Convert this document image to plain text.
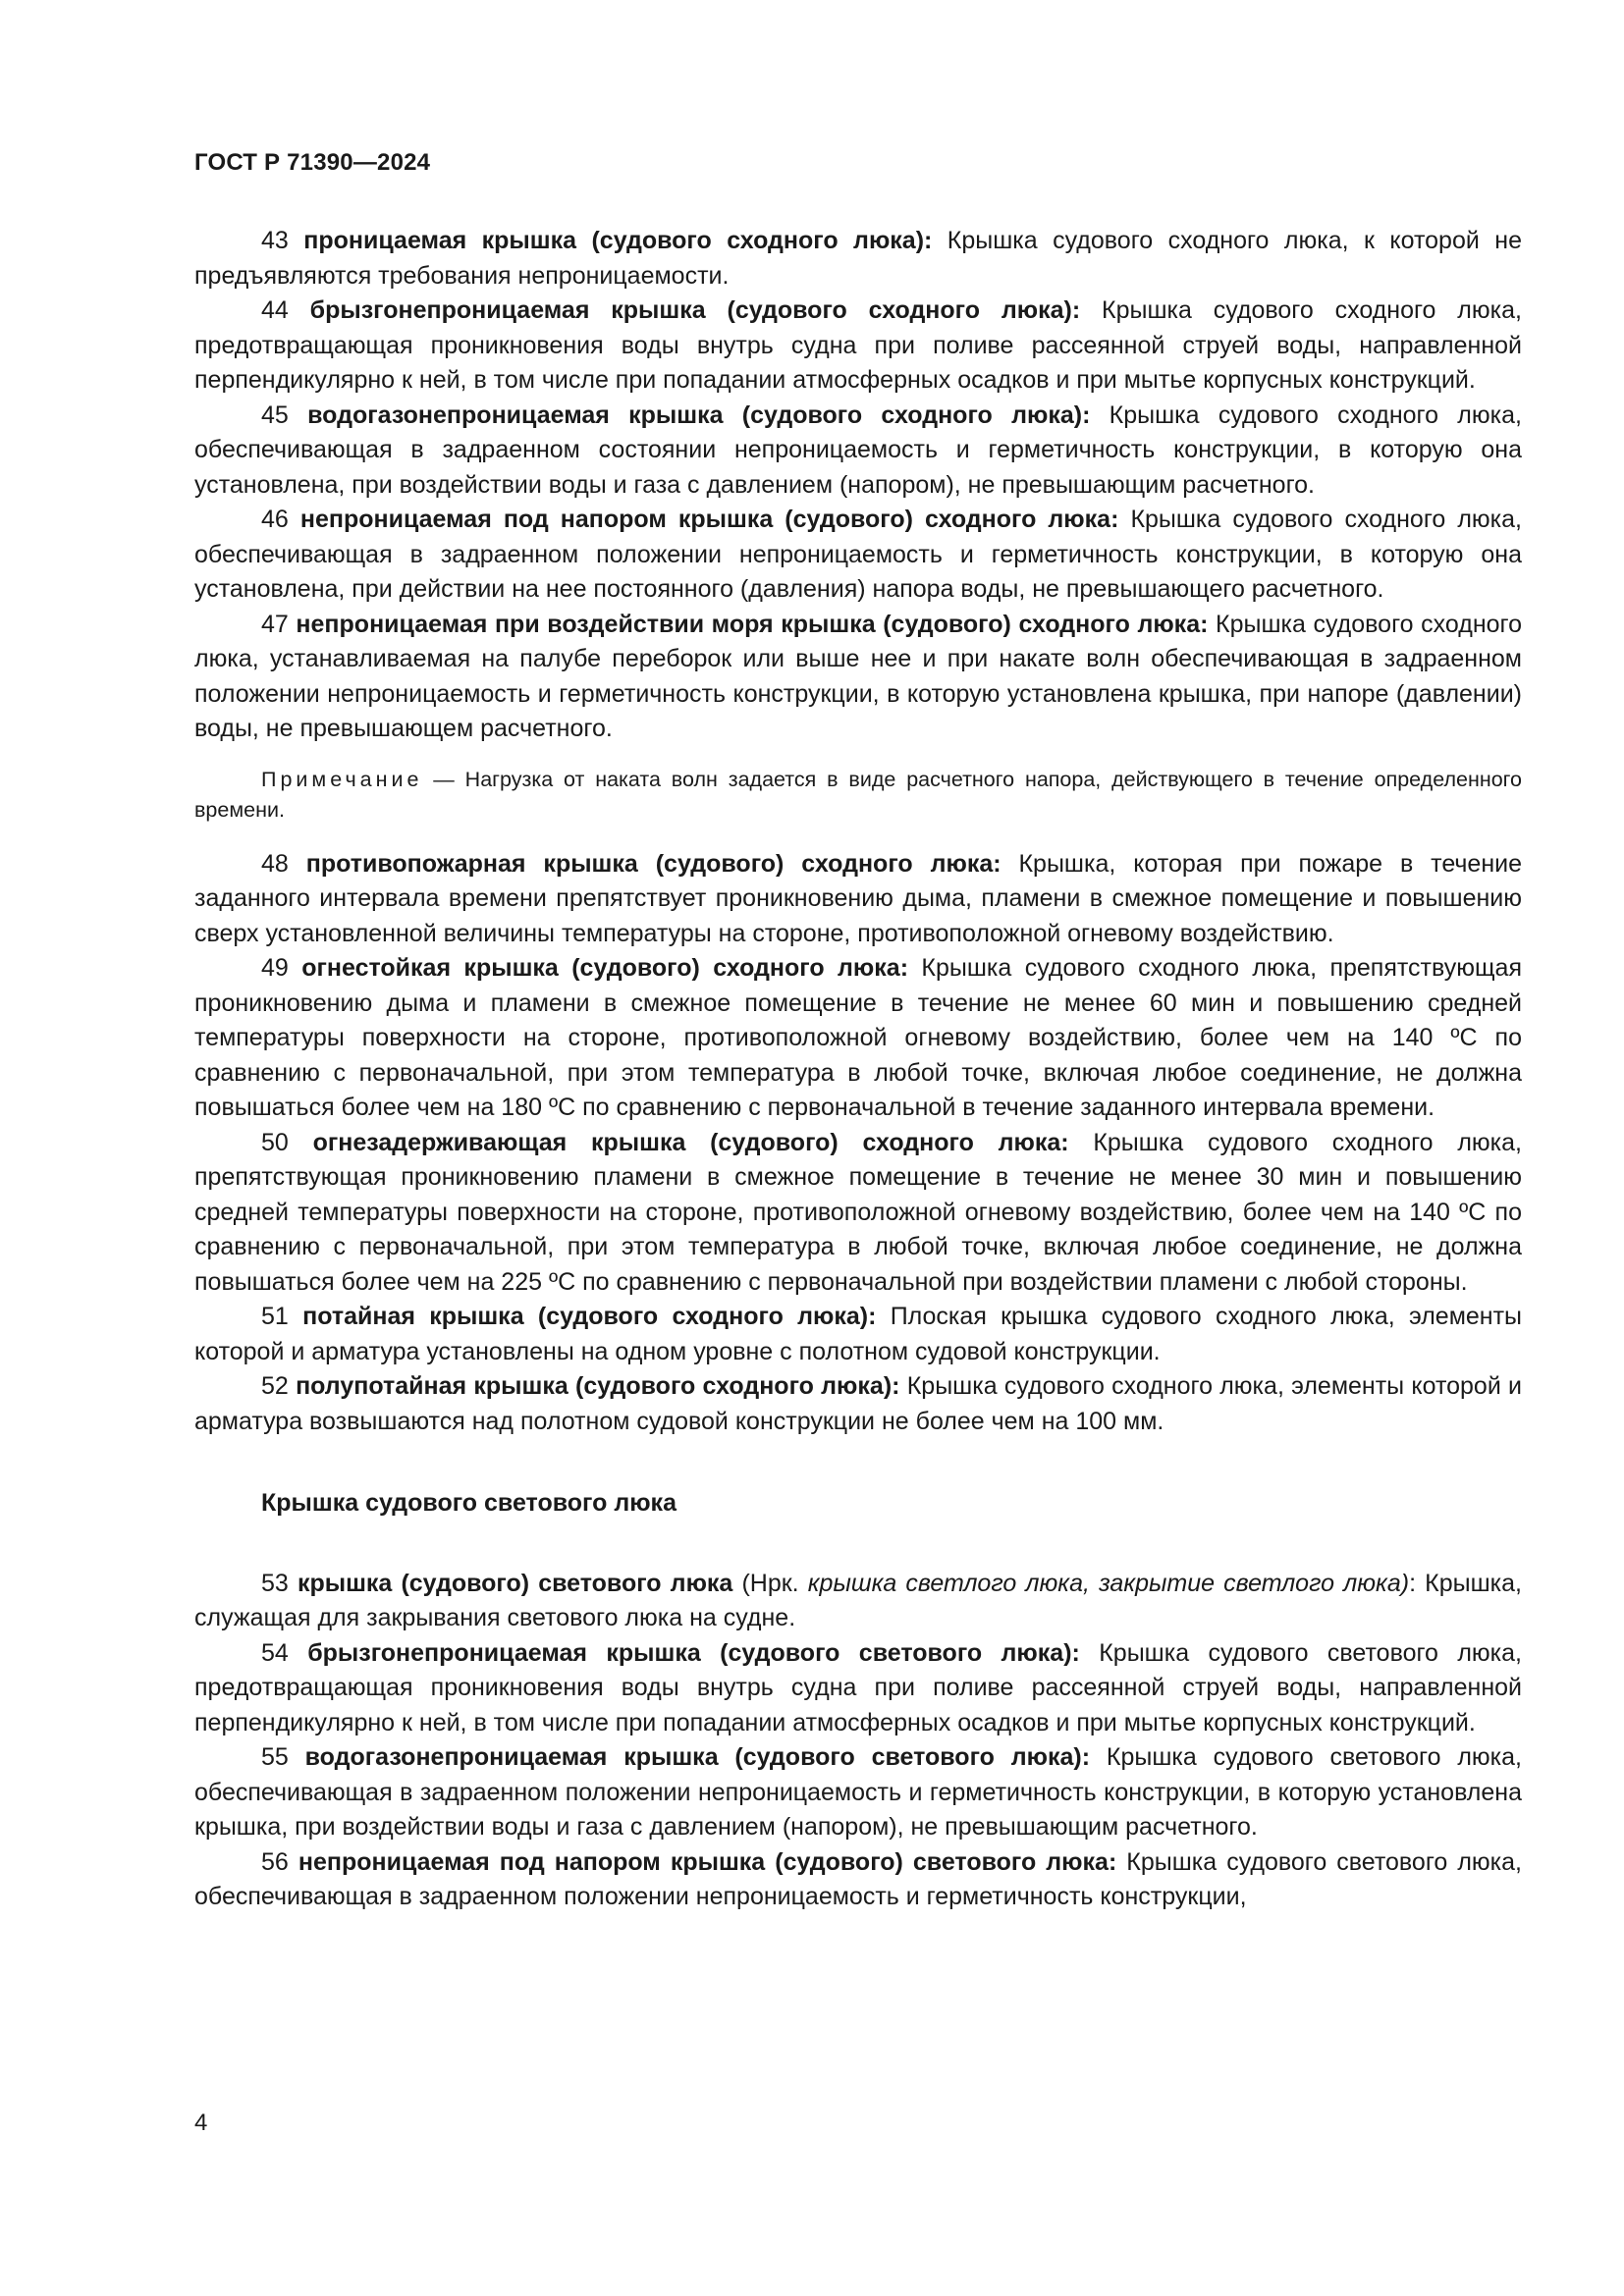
ГОСТ Р 71390—2024

43 проницаемая крышка (судового сходного люка): Крышка судового сходного люка, к которой не предъявляются требования непроницаемости.

44 брызгонепроницаемая крышка (судового сходного люка): Крышка судового сходного люка, предотвращающая проникновения воды внутрь судна при поливе рассеянной струей воды, направленной перпендикулярно к ней, в том числе при попадании атмосферных осадков и при мытье корпусных конструкций.

45 водогазонепроницаемая крышка (судового сходного люка): Крышка судового сходного люка, обеспечивающая в задраенном состоянии непроницаемость и герметичность конструкции, в которую она установлена, при воздействии воды и газа с давлением (напором), не превышающим расчетного.

46 непроницаемая под напором крышка (судового) сходного люка: Крышка судового сходного люка, обеспечивающая в задраенном положении непроницаемость и герметичность конструкции, в которую она установлена, при действии на нее постоянного (давления) напора воды, не превышающего расчетного.

47 непроницаемая при воздействии моря крышка (судового) сходного люка: Крышка судового сходного люка, устанавливаемая на палубе переборок или выше нее и при накате волн обеспечивающая в задраенном положении непроницаемость и герметичность конструкции, в которую установлена крышка, при напоре (давлении) воды, не превышающем расчетного.

Примечание — Нагрузка от наката волн задается в виде расчетного напора, действующего в течение определенного времени.

48 противопожарная крышка (судового) сходного люка: Крышка, которая при пожаре в течение заданного интервала времени препятствует проникновению дыма, пламени в смежное помещение и повышению сверх установленной величины температуры на стороне, противоположной огневому воздействию.

49 огнестойкая крышка (судового) сходного люка: Крышка судового сходного люка, препятствующая проникновению дыма и пламени в смежное помещение в течение не менее 60 мин и повышению средней температуры поверхности на стороне, противоположной огневому воздействию, более чем на 140 ºС по сравнению с первоначальной, при этом температура в любой точке, включая любое соединение, не должна повышаться более чем на 180 ºС по сравнению с первоначальной в течение заданного интервала времени.

50 огнезадерживающая крышка (судового) сходного люка: Крышка судового сходного люка, препятствующая проникновению пламени в смежное помещение в течение не менее 30 мин и повышению средней температуры поверхности на стороне, противоположной огневому воздействию, более чем на 140 ºС по сравнению с первоначальной, при этом температура в любой точке, включая любое соединение, не должна повышаться более чем на 225 ºС по сравнению с первоначальной при воздействии пламени с любой стороны.

51 потайная крышка (судового сходного люка): Плоская крышка судового сходного люка, элементы которой и арматура установлены на одном уровне с полотном судовой конструкции.

52 полупотайная крышка (судового сходного люка): Крышка судового сходного люка, элементы которой и арматура возвышаются над полотном судовой конструкции не более чем на 100 мм.

Крышка судового светового люка

53 крышка (судового) светового люка (Нрк. крышка светлого люка, закрытие светлого люка): Крышка, служащая для закрывания светового люка на судне.

54 брызгонепроницаемая крышка (судового светового люка): Крышка судового светового люка, предотвращающая проникновения воды внутрь судна при поливе рассеянной струей воды, направленной перпендикулярно к ней, в том числе при попадании атмосферных осадков и при мытье корпусных конструкций.

55 водогазонепроницаемая крышка (судового светового люка): Крышка судового светового люка, обеспечивающая в задраенном положении непроницаемость и герметичность конструкции, в которую установлена крышка, при воздействии воды и газа с давлением (напором), не превышающим расчетного.

56 непроницаемая под напором крышка (судового) светового люка: Крышка судового светового люка, обеспечивающая в задраенном положении непроницаемость и герметичность конструкции,

4
